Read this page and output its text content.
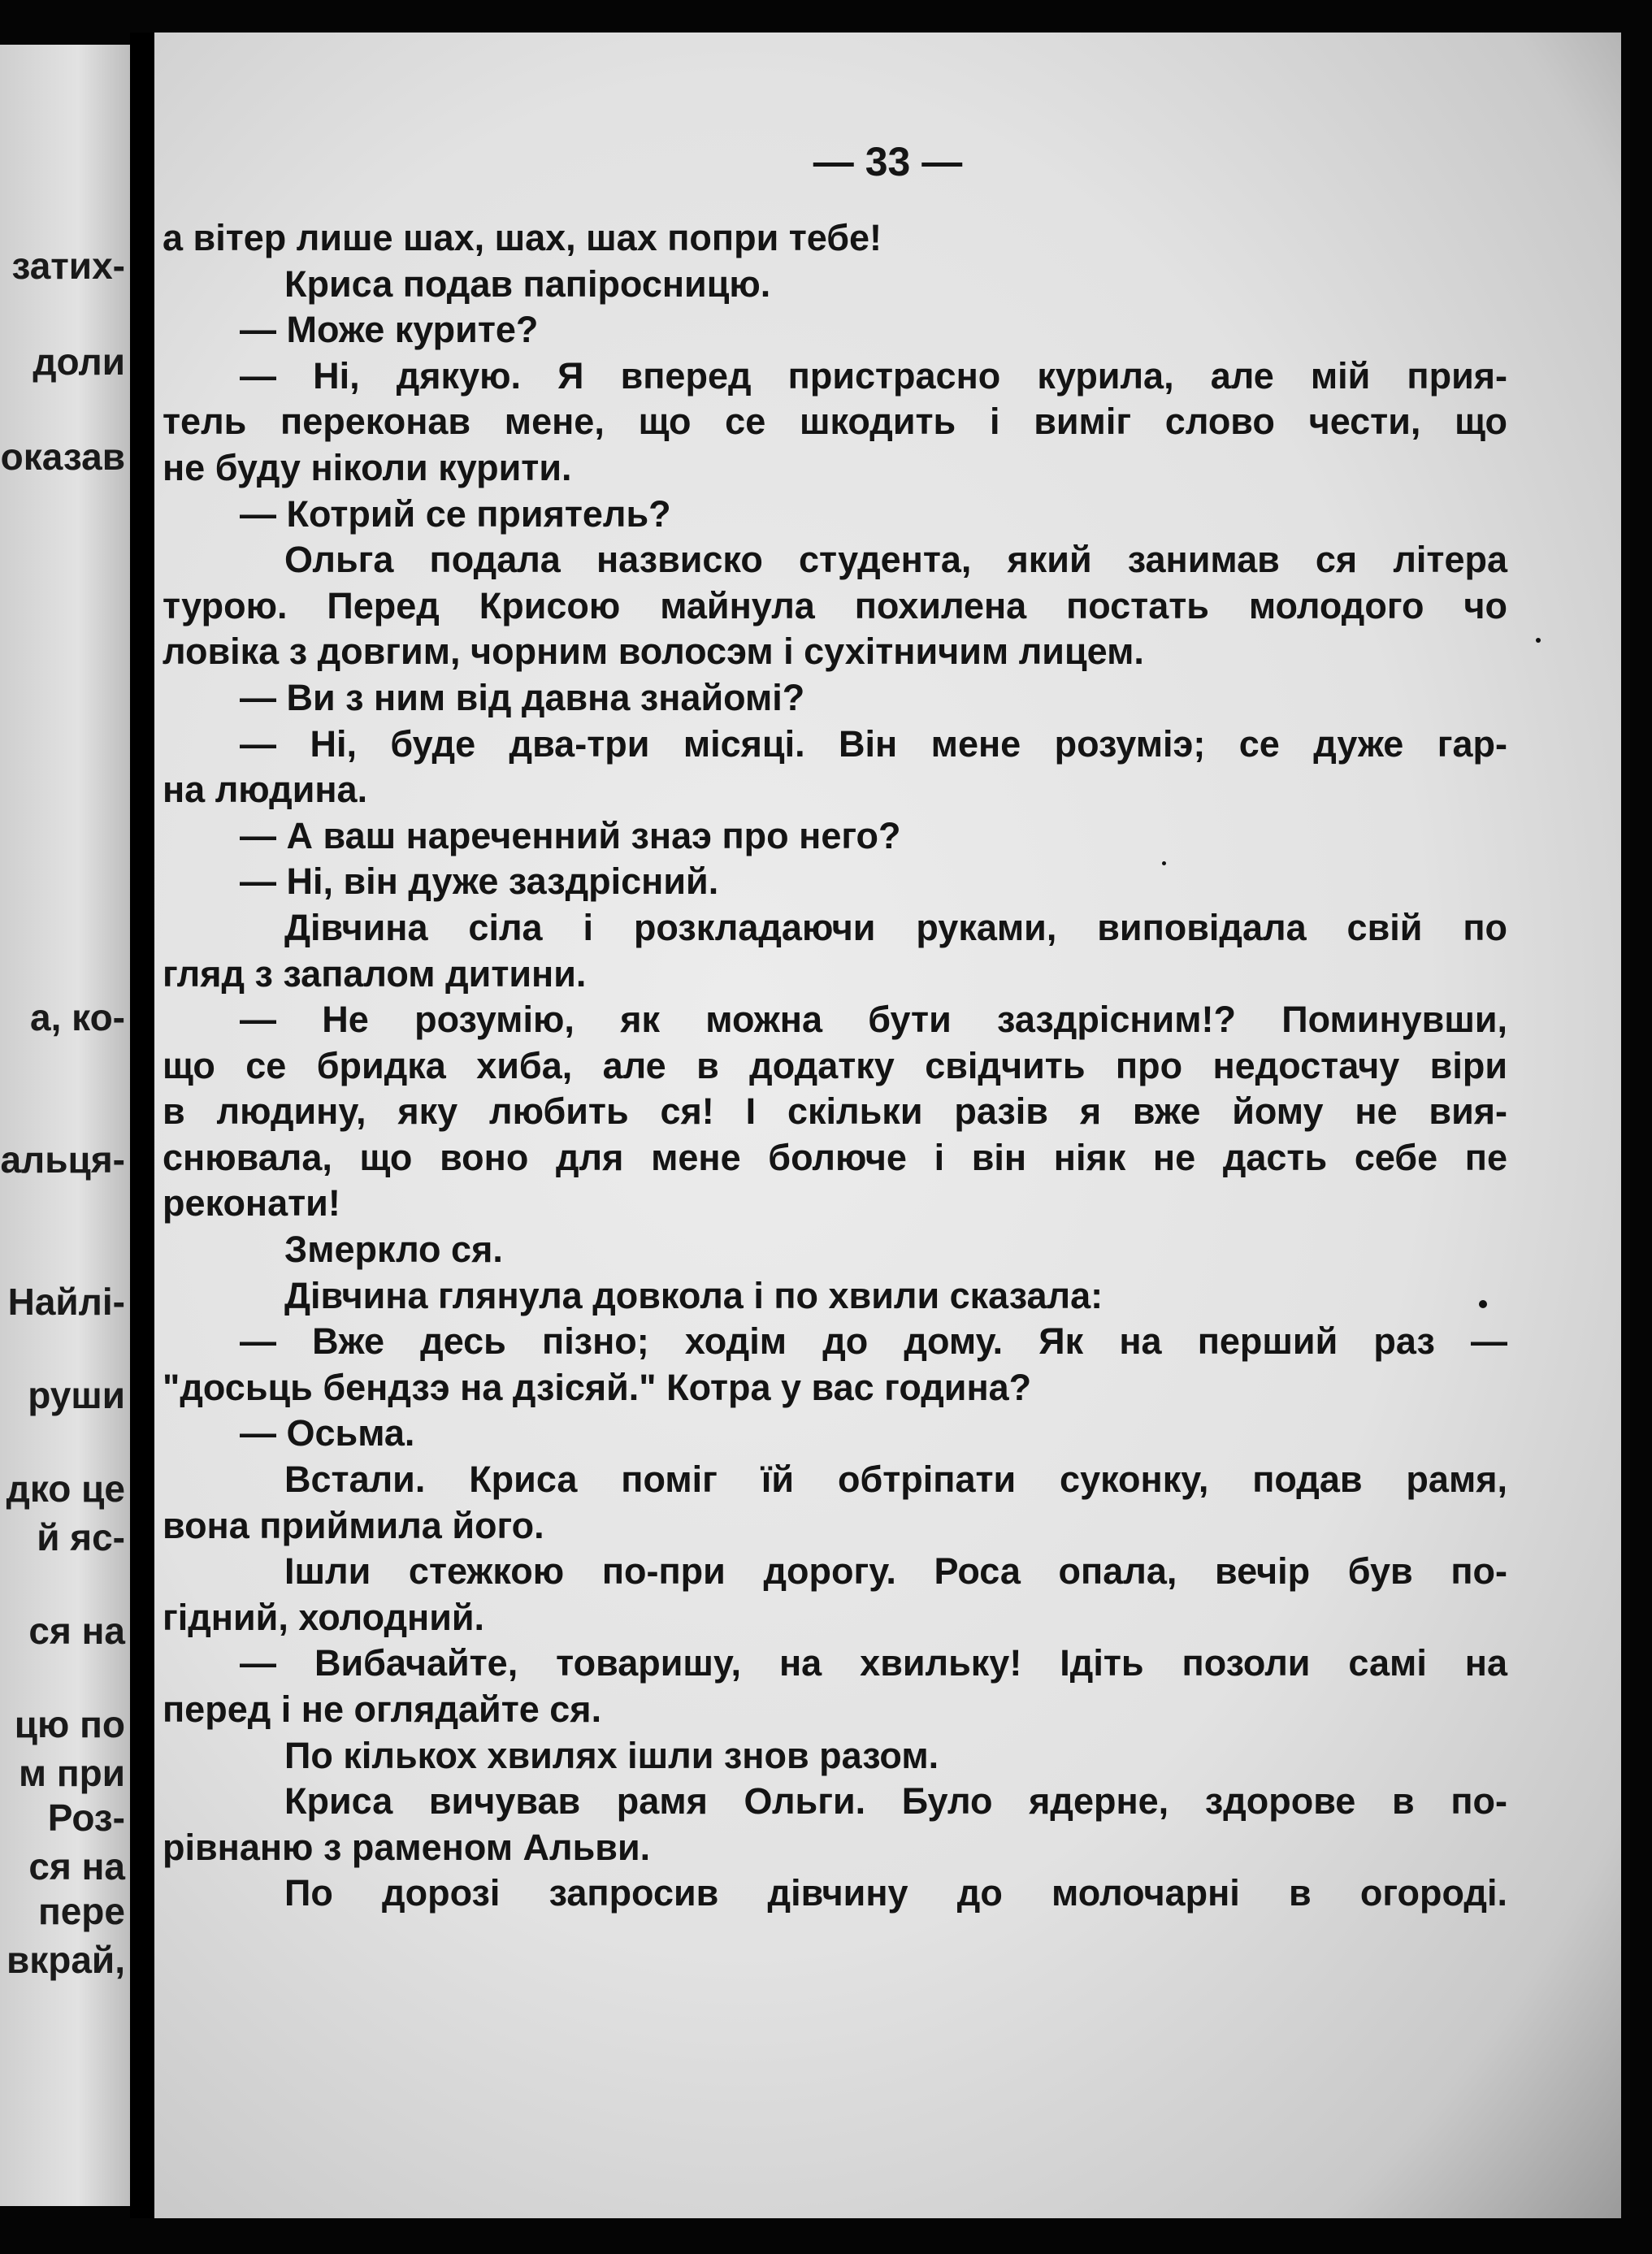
затих-
доли
оказав
а, ко-
альця-
Найлі-
руши
дко це
й яс-
ся на
цю по
м при
Роз-
ся на
пере
вкрай,
— 33 —
а вітер лише шах, шах, шах попри тебе!
Криса подав папіросницю.
— Може курите?
— Ні, дякую. Я вперед пристрасно курила, але мій прия-
тель переконав мене, що се шкодить і виміг слово чести, що
не буду ніколи курити.
— Котрий се приятель?
Ольга подала назвиско студента, який занимав ся літера
турою. Перед Крисою майнула похилена постать молодого чо
ловіка з довгим, чорним волосэм і сухітничим лицем.
— Ви з ним від давна знайомі?
— Ні, буде два-три місяці. Він мене розуміэ; се дуже гар-
на людина.
— А ваш нареченний знаэ про него?
— Ні, він дуже заздрісний.
Дівчина сіла і розкладаючи руками, виповідала свій по
гляд з запалом дитини.
— Не розумію, як можна бути заздрісним!? Поминувши,
що се бридка хиба, але в додатку свідчить про недостачу віри
в людину, яку любить ся! І скільки разів я вже йому не вия-
снювала, що воно для мене болюче і він ніяк не дасть себе пе
реконати!
Змеркло ся.
Дівчина глянула довкола і по хвили сказала:
— Вже десь пізно; ходім до дому. Як на перший раз —
"досьць бендзэ на дзісяй." Котра у вас година?
— Осьма.
Встали. Криса поміг їй обтріпати суконку, подав рамя,
вона приймила його.
Ішли стежкою по-при дорогу. Роса опала, вечір був по-
гідний, холодний.
— Вибачайте, товаришу, на хвильку! Ідіть позоли самі на
перед і не оглядайте ся.
По кількох хвилях ішли знов разом.
Криса вичував рамя Ольги. Було ядерне, здорове в по-
рівнаню з раменом Альви.
По дорозі запросив дівчину до молочарні в огороді.
